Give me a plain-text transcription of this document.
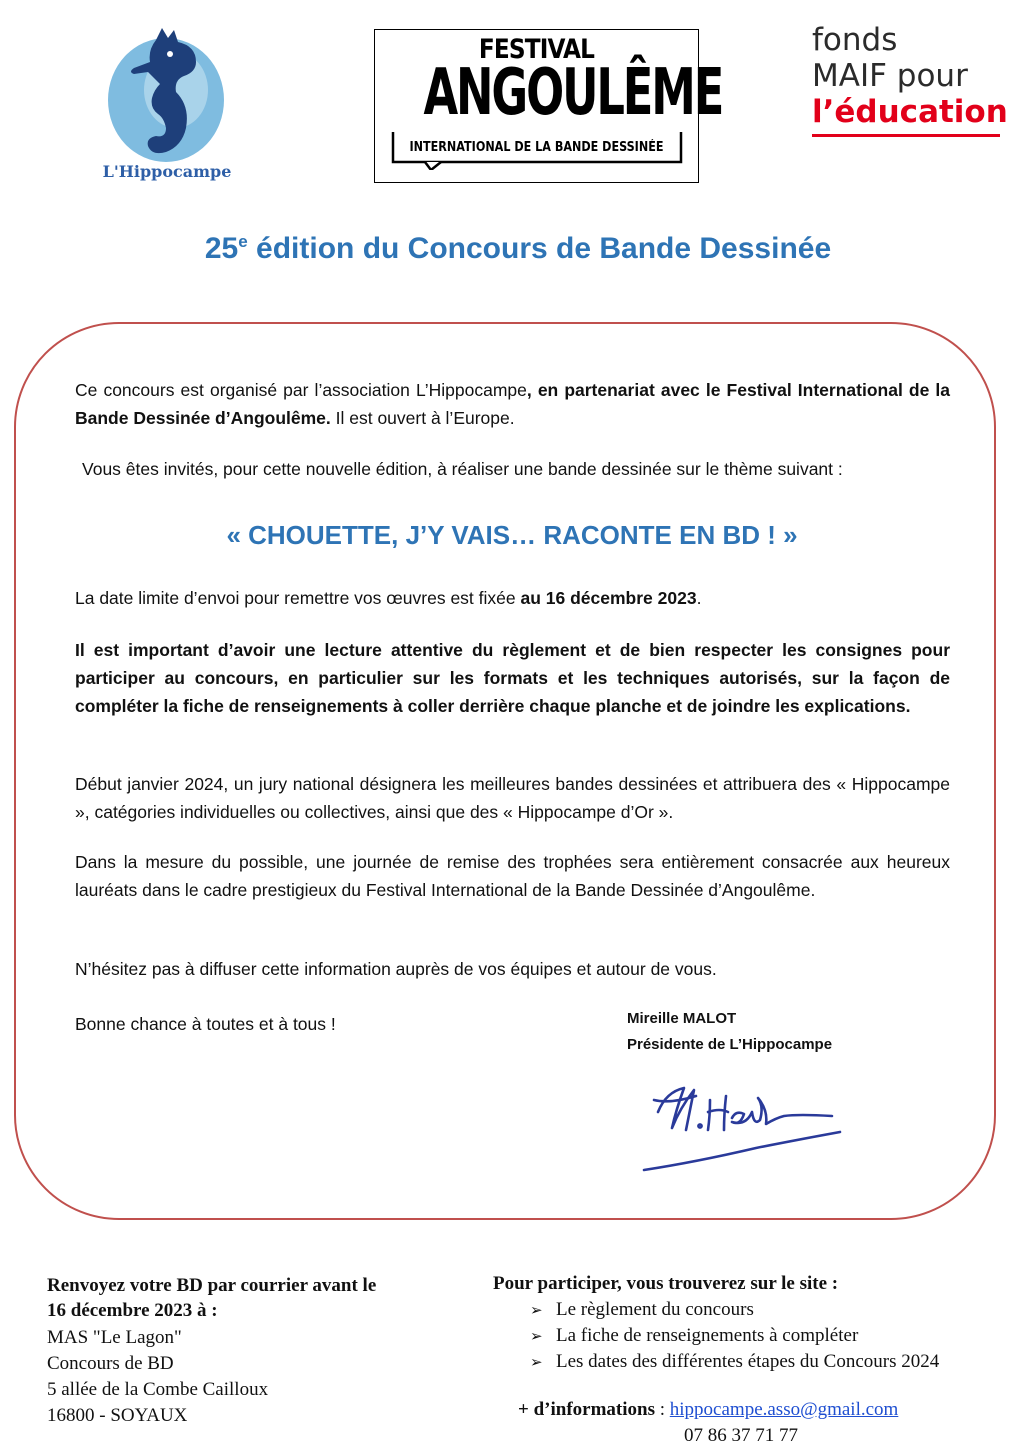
L'Hippocampe
FESTIVAL
ANGOULÊME
INTERNATIONAL DE LA BANDE DESSINÉE
fonds
MAIF pour
l’éducation
25e édition du Concours de Bande Dessinée
Ce concours est organisé par l’association L’Hippocampe, en partenariat avec le Festival International de la Bande Dessinée d’Angoulême. Il est ouvert à l’Europe.
Vous êtes invités, pour cette nouvelle édition, à réaliser une bande dessinée sur le thème suivant :
« CHOUETTE, J’Y VAIS… RACONTE EN BD ! »
La date limite d’envoi pour remettre vos œuvres est fixée au 16 décembre 2023.
Il est important d’avoir une lecture attentive du règlement et de bien respecter les consignes pour participer au concours, en particulier sur les formats et les techniques autorisés, sur la façon de compléter la fiche de renseignements à coller derrière chaque planche et de joindre les explications.
Début janvier 2024, un jury national désignera les meilleures bandes dessinées et attribuera des « Hippocampe », catégories individuelles ou collectives, ainsi que des « Hippocampe d’Or ».
Dans la mesure du possible, une journée de remise des trophées sera entièrement consacrée aux heureux lauréats dans le cadre prestigieux du Festival International de la Bande Dessinée d’Angoulême.
N’hésitez pas à diffuser cette information auprès de vos équipes et autour de vous.
Bonne chance à toutes et à tous !	Mireille MALOT
Présidente de L’Hippocampe
Renvoyez votre BD par courrier avant le
16 décembre 2023 à :
MAS "Le Lagon"
Concours de BD
5 allée de la Combe Cailloux
16800 - SOYAUX
Pour participer, vous trouverez sur le site :
➢ Le règlement du concours
➢ La fiche de renseignements à compléter
➢ Les dates des différentes étapes du Concours 2024
+ d’informations : hippocampe.asso@gmail.com
07 86 37 71 77
